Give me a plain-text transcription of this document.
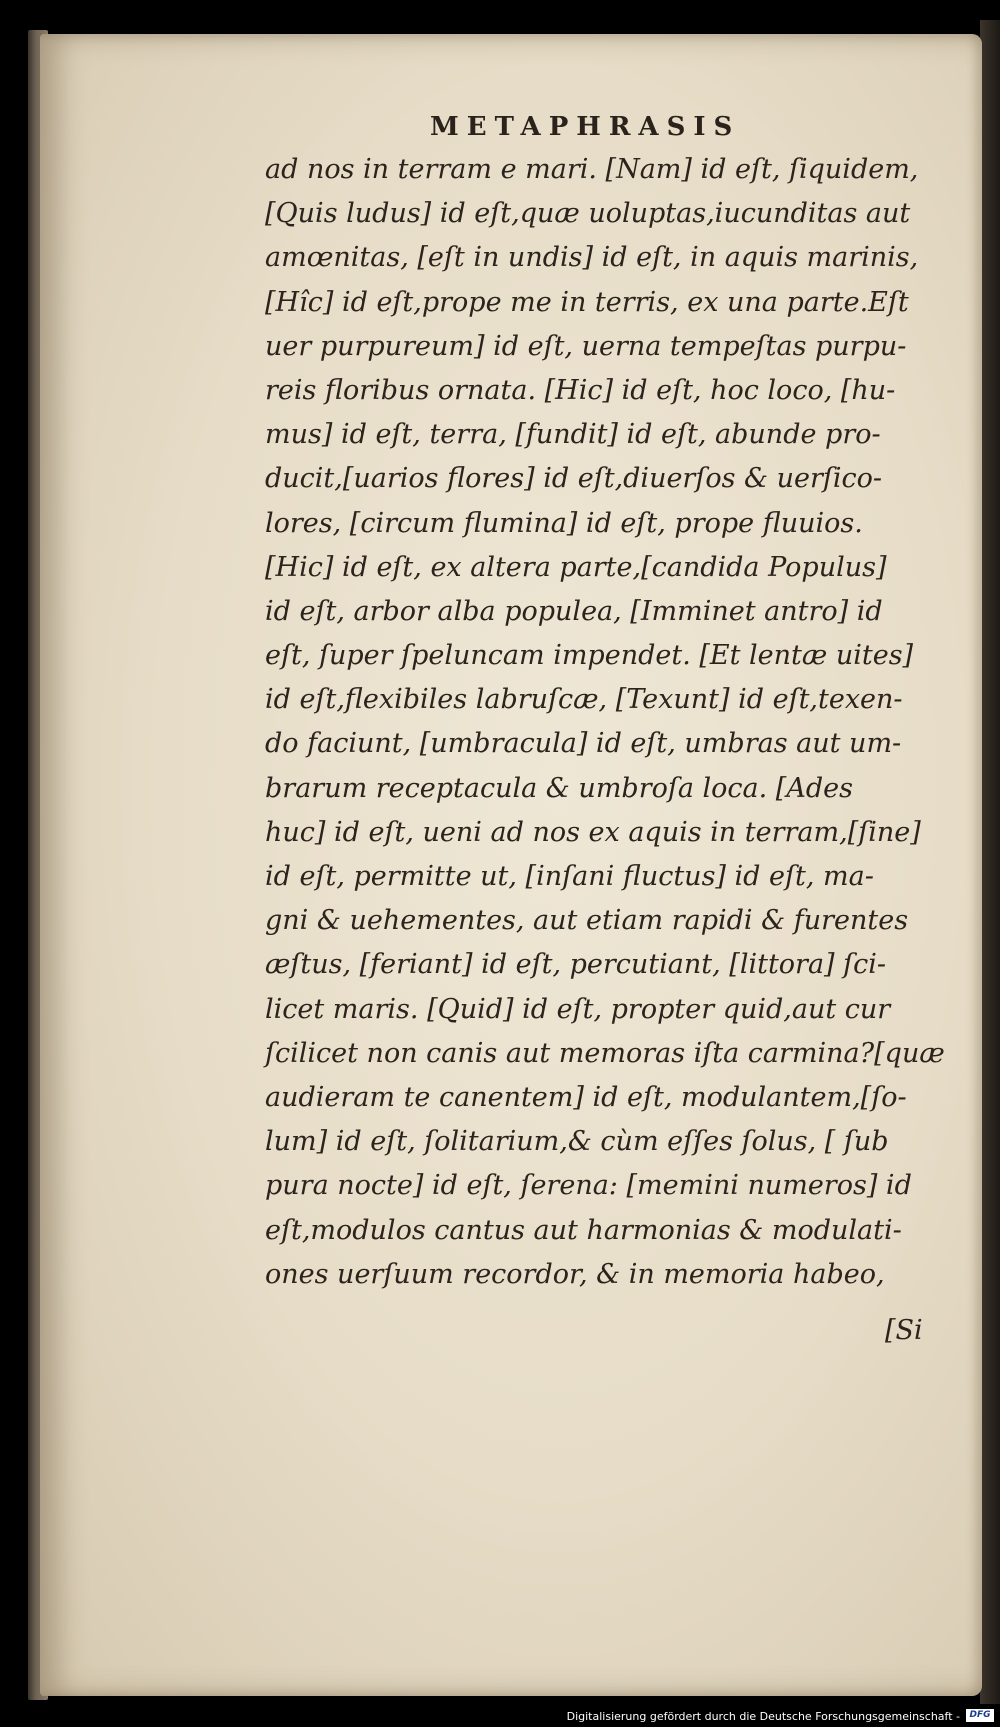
METAPHRASIS
ad nos in terram e mari. [Nam] id eſt, ſiquidem,
[Quis ludus] id eſt,quæ uoluptas,iucunditas aut
amœnitas, [eſt in undis] id eſt, in aquis marinis,
[Hîc] id eſt,prope me in terris, ex una parte.Eſt
uer purpureum] id eſt, uerna tempeſtas purpu-
reis floribus ornata. [Hic] id eſt, hoc loco, [hu-
mus] id eſt, terra, [fundit] id eſt, abunde pro-
ducit,[uarios flores] id eſt,diuerſos & uerſico-
lores, [circum flumina] id eſt, prope fluuios.
[Hic] id eſt, ex altera parte,[candida Populus]
id eſt, arbor alba populea, [Imminet antro] id
eſt, ſuper ſpeluncam impendet. [Et lentæ uites]
id eſt,flexibiles labruſcæ, [Texunt] id eſt,texen-
do faciunt, [umbracula] id eſt, umbras aut um-
brarum receptacula & umbroſa loca. [Ades
huc] id eſt, ueni ad nos ex aquis in terram,[ſine]
id eſt, permitte ut, [inſani fluctus] id eſt, ma-
gni & uehementes, aut etiam rapidi & furentes
æſtus, [feriant] id eſt, percutiant, [littora] ſci-
licet maris. [Quid] id eſt, propter quid,aut cur
ſcilicet non canis aut memoras iſta carmina?[quæ
audieram te canentem] id eſt, modulantem,[ſo-
lum] id eſt, ſolitarium,& cùm eſſes ſolus, [ ſub
pura nocte] id eſt, ſerena: [memini numeros] id
eſt,modulos cantus aut harmonias & modulati-
ones uerſuum recordor, & in memoria habeo,
[Si
Digitalisierung gefördert durch die Deutsche Forschungsgemeinschaft -	DFG
